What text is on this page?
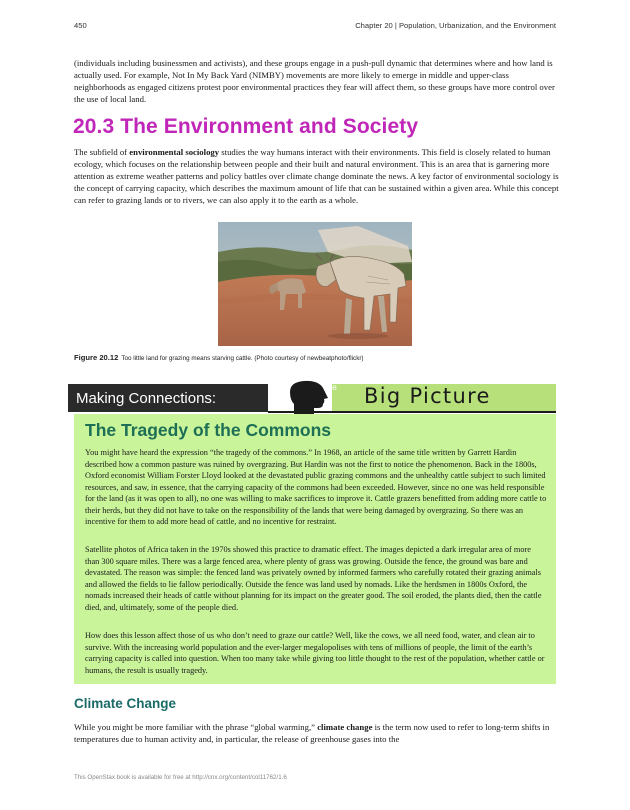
450	Chapter 20 | Population, Urbanization, and the Environment

(individuals including businessmen and activists), and these groups engage in a push-pull dynamic that determines where and how land is actually used. For example, Not In My Back Yard (NIMBY) movements are more likely to emerge in middle and upper-class neighborhoods as engaged citizens protest poor environmental practices they fear will affect them, so these groups have more control over the use of local land.

20.3 The Environment and Society

The subfield of environmental sociology studies the way humans interact with their environments. This field is closely related to human ecology, which focuses on the relationship between people and their built and natural environment. This is an area that is garnering more attention as extreme weather patterns and policy battles over climate change dominate the news. A key factor of environmental sociology is the concept of carrying capacity, which describes the maximum amount of life that can be sustained within a given area. While this concept can refer to grazing lands or to rivers, we can also apply it to the earth as a whole.

Figure 20.12 Too little land for grazing means starving cattle. (Photo courtesy of newbeatphoto/flickr)
Making Connections:
the Big Picture
The Tragedy of the Commons

You might have heard the expression “the tragedy of the commons.” In 1968, an article of the same title written by Garrett Hardin described how a common pasture was ruined by overgrazing. But Hardin was not the first to notice the phenomenon. Back in the 1800s, Oxford economist William Forster Lloyd looked at the devastated public grazing commons and the unhealthy cattle subject to such limited resources, and saw, in essence, that the carrying capacity of the commons had been exceeded. However, since no one was held responsible for the land (as it was open to all), no one was willing to make sacrifices to improve it. Cattle grazers benefitted from adding more cattle to their herds, but they did not have to take on the responsibility of the lands that were being damaged by overgrazing. So there was an incentive for them to add more head of cattle, and no incentive for restraint.

Satellite photos of Africa taken in the 1970s showed this practice to dramatic effect. The images depicted a dark irregular area of more than 300 square miles. There was a large fenced area, where plenty of grass was growing. Outside the fence, the ground was bare and devastated. The reason was simple: the fenced land was privately owned by informed farmers who carefully rotated their grazing animals and allowed the fields to lie fallow periodically. Outside the fence was land used by nomads. Like the herdsmen in 1800s Oxford, the nomads increased their heads of cattle without planning for its impact on the greater good. The soil eroded, the plants died, then the cattle died, and, ultimately, some of the people died.

How does this lesson affect those of us who don’t need to graze our cattle? Well, like the cows, we all need food, water, and clean air to survive. With the increasing world population and the ever-larger megalopolises with tens of millions of people, the limit of the earth’s carrying capacity is called into question. When too many take while giving too little thought to the rest of the population, whether cattle or humans, the result is usually tragedy.

Climate Change

While you might be more familiar with the phrase “global warming,” climate change is the term now used to refer to long-term shifts in temperatures due to human activity and, in particular, the release of greenhouse gases into the

This OpenStax book is available for free at http://cnx.org/content/col11762/1.6
